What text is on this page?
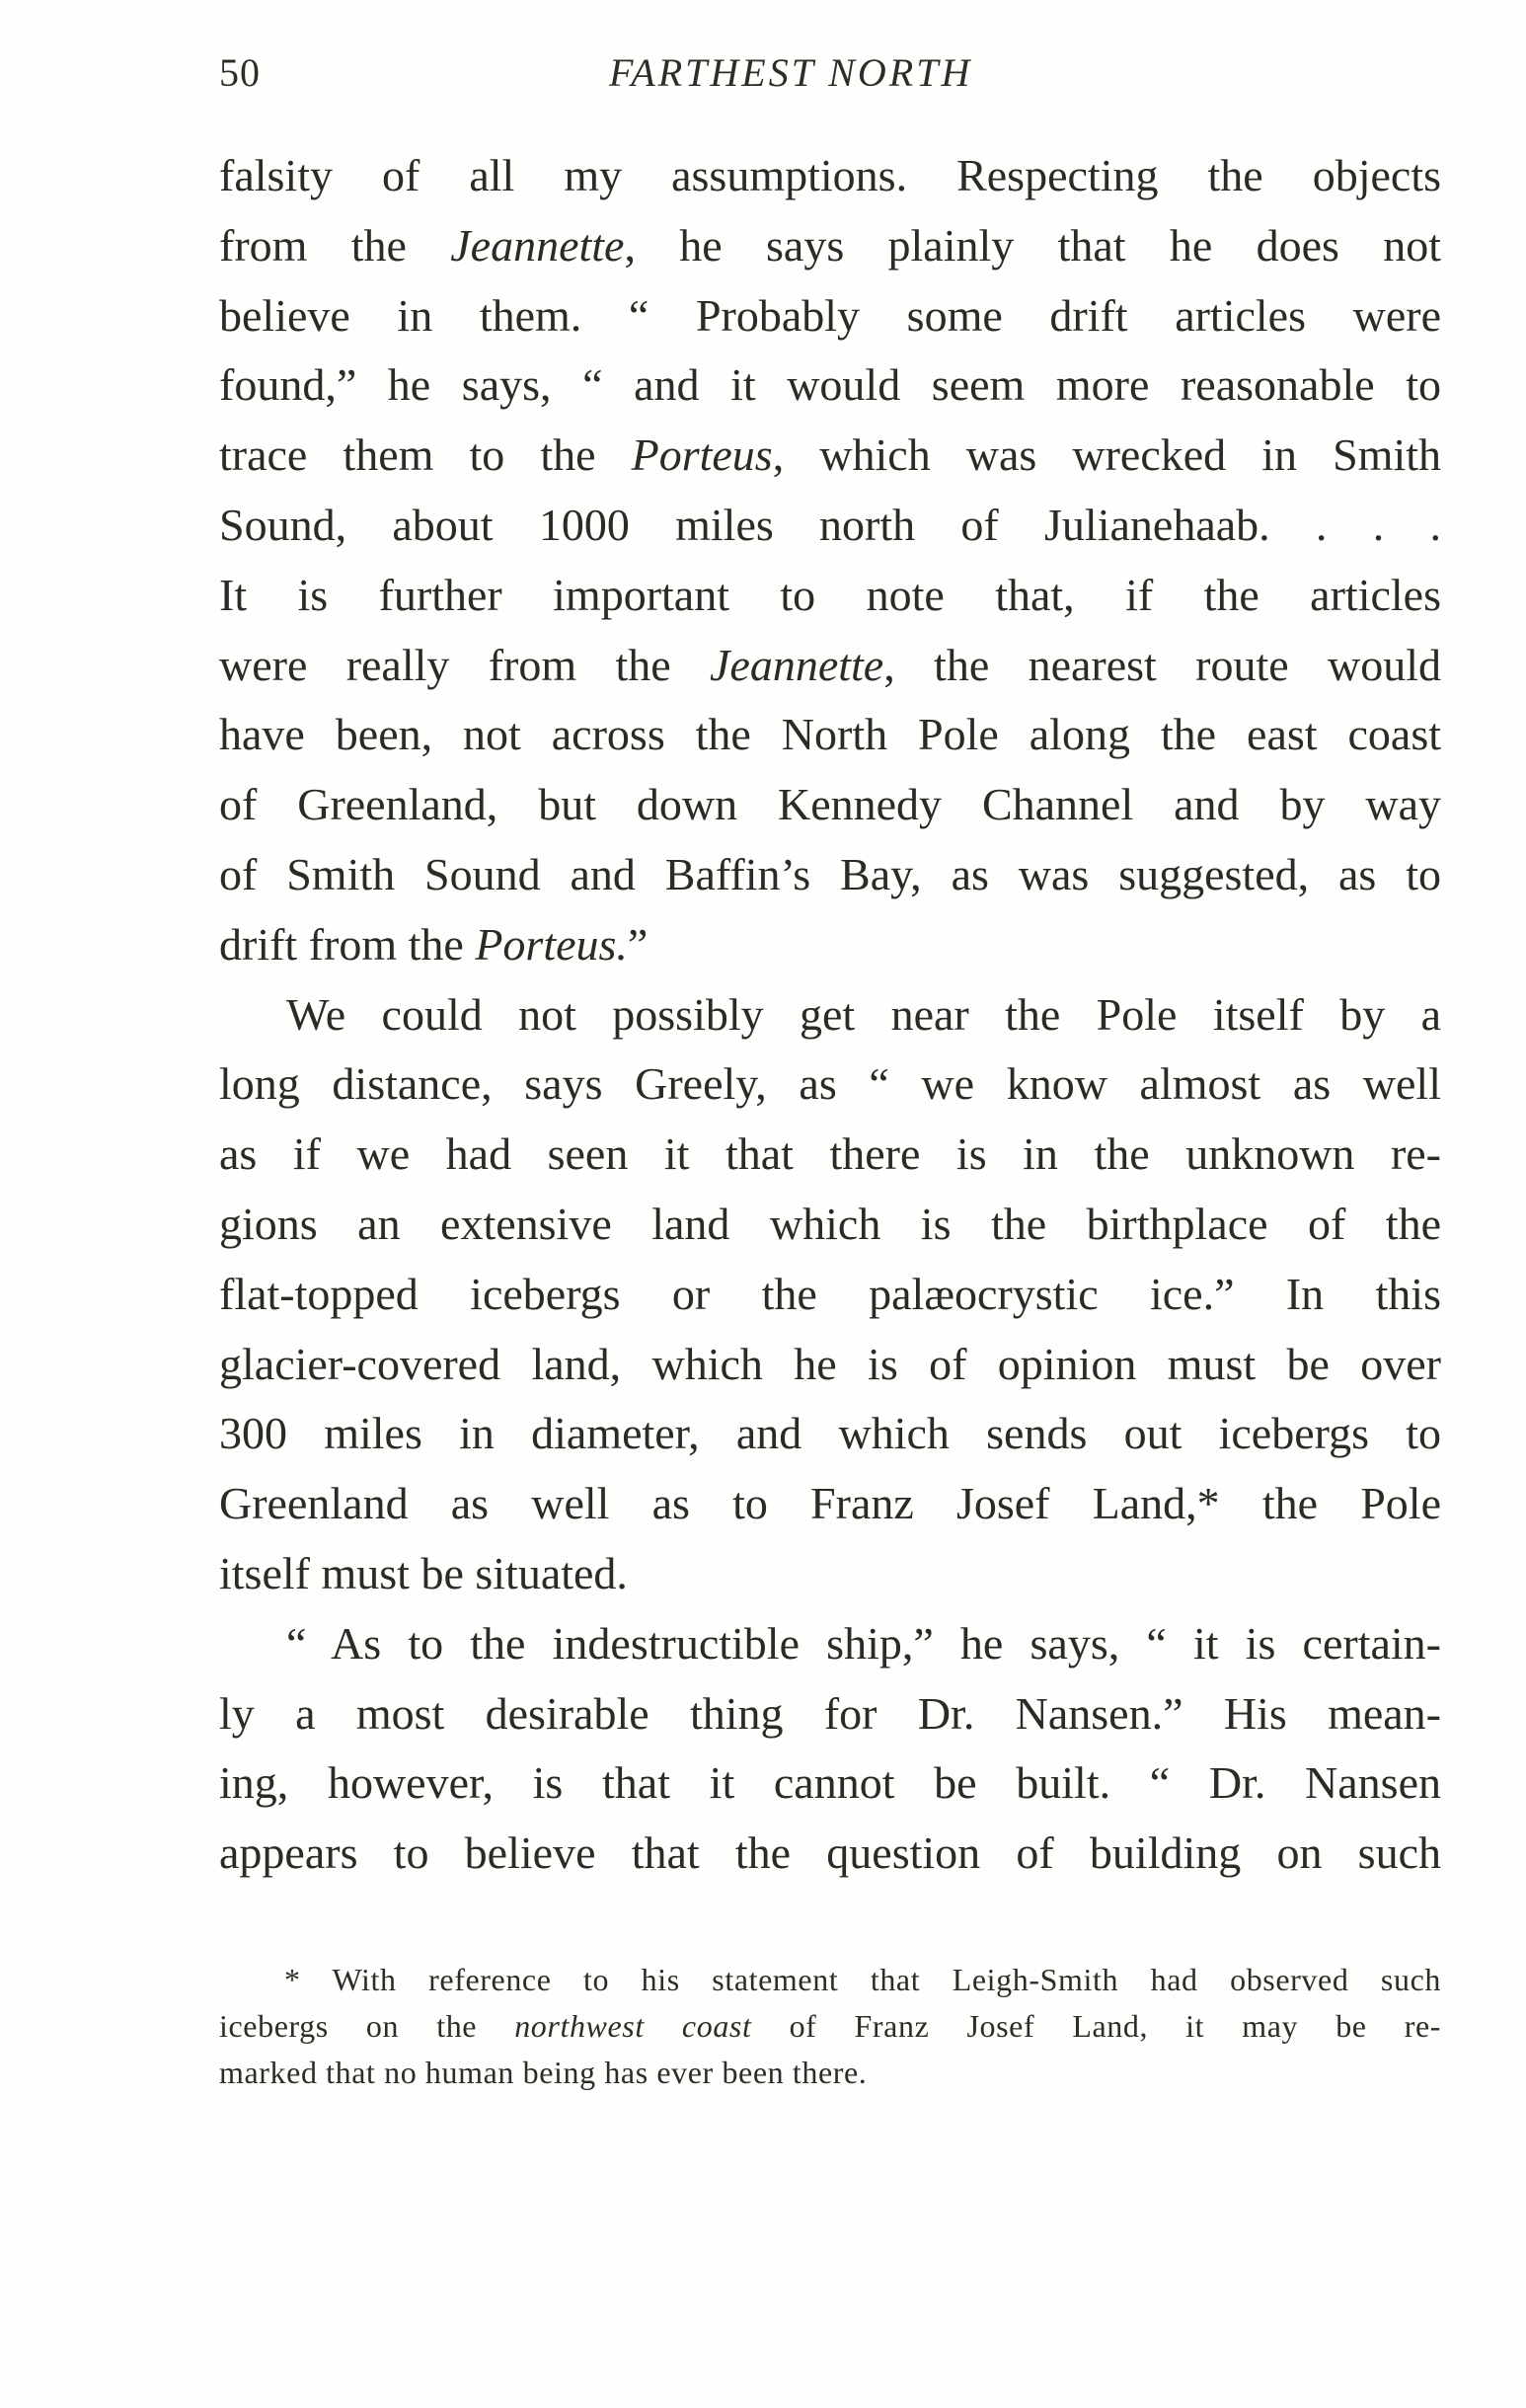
50	FARTHEST NORTH
falsity of all my assumptions. Respecting the objects
from the Jeannette, he says plainly that he does not
believe in them. “ Probably some drift articles were
found,” he says, “ and it would seem more reasonable to
trace them to the Porteus, which was wrecked in Smith
Sound, about 1000 miles north of Julianehaab. . . .
It is further important to note that, if the articles
were really from the Jeannette, the nearest route would
have been, not across the North Pole along the east coast
of Greenland, but down Kennedy Channel and by way
of Smith Sound and Baffin’s Bay, as was suggested, as to
drift from the Porteus.”
We could not possibly get near the Pole itself by a
long distance, says Greely, as “ we know almost as well
as if we had seen it that there is in the unknown re-
gions an extensive land which is the birthplace of the
flat-topped icebergs or the palæocrystic ice.” In this
glacier-covered land, which he is of opinion must be over
300 miles in diameter, and which sends out icebergs to
Greenland as well as to Franz Josef Land,* the Pole
itself must be situated.
“ As to the indestructible ship,” he says, “ it is certain-
ly a most desirable thing for Dr. Nansen.” His mean-
ing, however, is that it cannot be built. “ Dr. Nansen
appears to believe that the question of building on such
* With reference to his statement that Leigh-Smith had observed such
icebergs on the northwest coast of Franz Josef Land, it may be re-
marked that no human being has ever been there.
